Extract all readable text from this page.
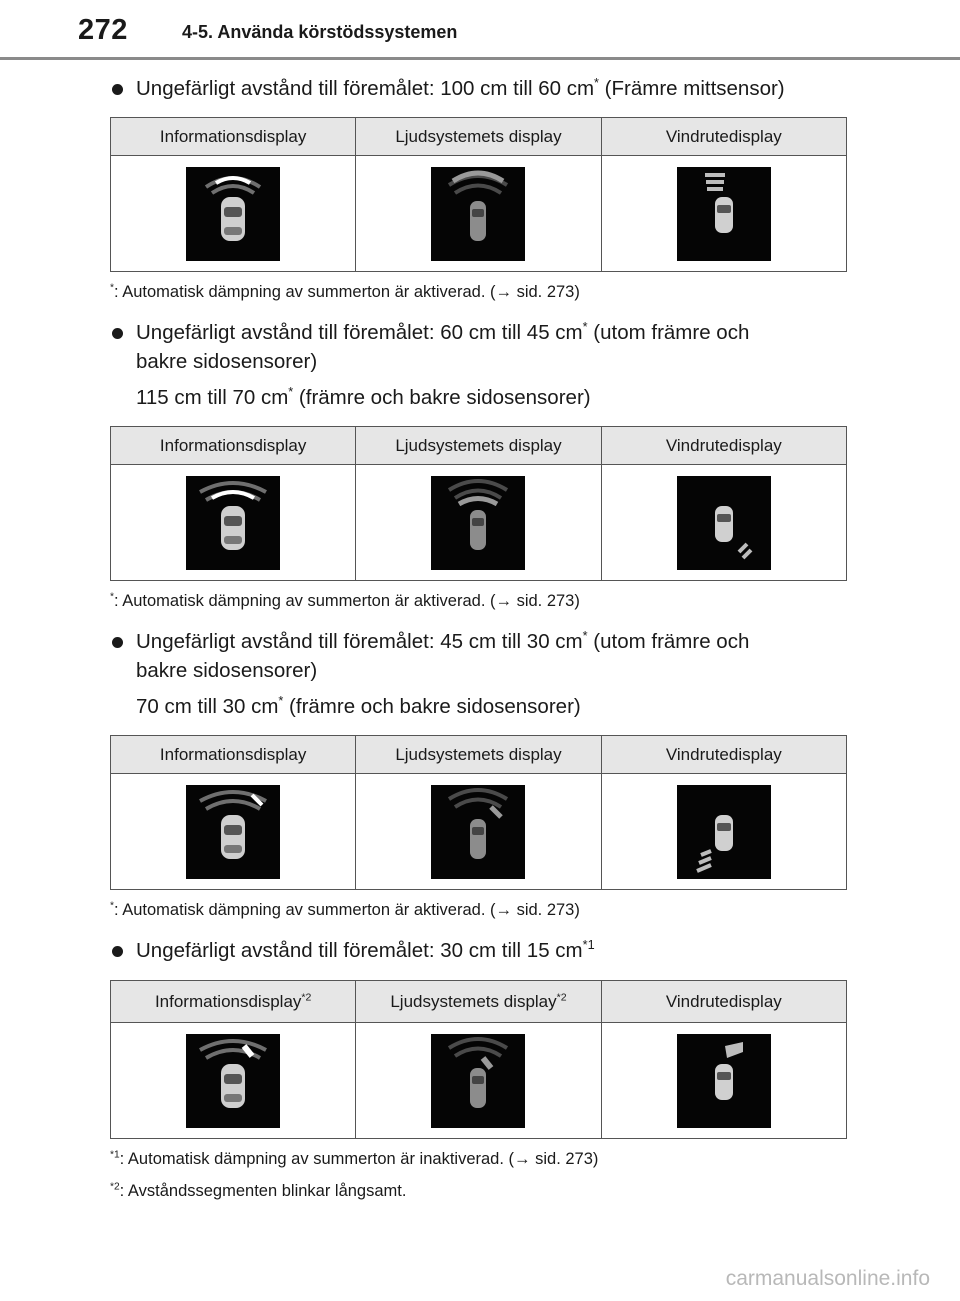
272	4-5. Använda körstödssystemen
Ungefärligt avstånd till föremålet: 100 cm till 60 cm* (Främre mittsensor)
Informationsdisplay	Ljudsystemets display	Vindrutedisplay

*: Automatisk dämpning av summerton är aktiverad. (→ sid. 273)
Ungefärligt avstånd till föremålet: 60 cm till 45 cm* (utom främre och
bakre sidosensorer)
115 cm till 70 cm* (främre och bakre sidosensorer)
Informationsdisplay	Ljudsystemets display	Vindrutedisplay

*: Automatisk dämpning av summerton är aktiverad. (→ sid. 273)
Ungefärligt avstånd till föremålet: 45 cm till 30 cm* (utom främre och
bakre sidosensorer)
70 cm till 30 cm* (främre och bakre sidosensorer)
Informationsdisplay	Ljudsystemets display	Vindrutedisplay

*: Automatisk dämpning av summerton är aktiverad. (→ sid. 273)
Ungefärligt avstånd till föremålet: 30 cm till 15 $cm^{*1}$
Informationsdisplay$^{*2}$	Ljudsystemets display$^{*2}$	Vindrutedisplay

$^{*1}$: Automatisk dämpning av summerton är inaktiverad. (→ sid. 273)
$^{*2}$: Avståndssegmenten blinkar långsamt.
carmanualsonline.info
